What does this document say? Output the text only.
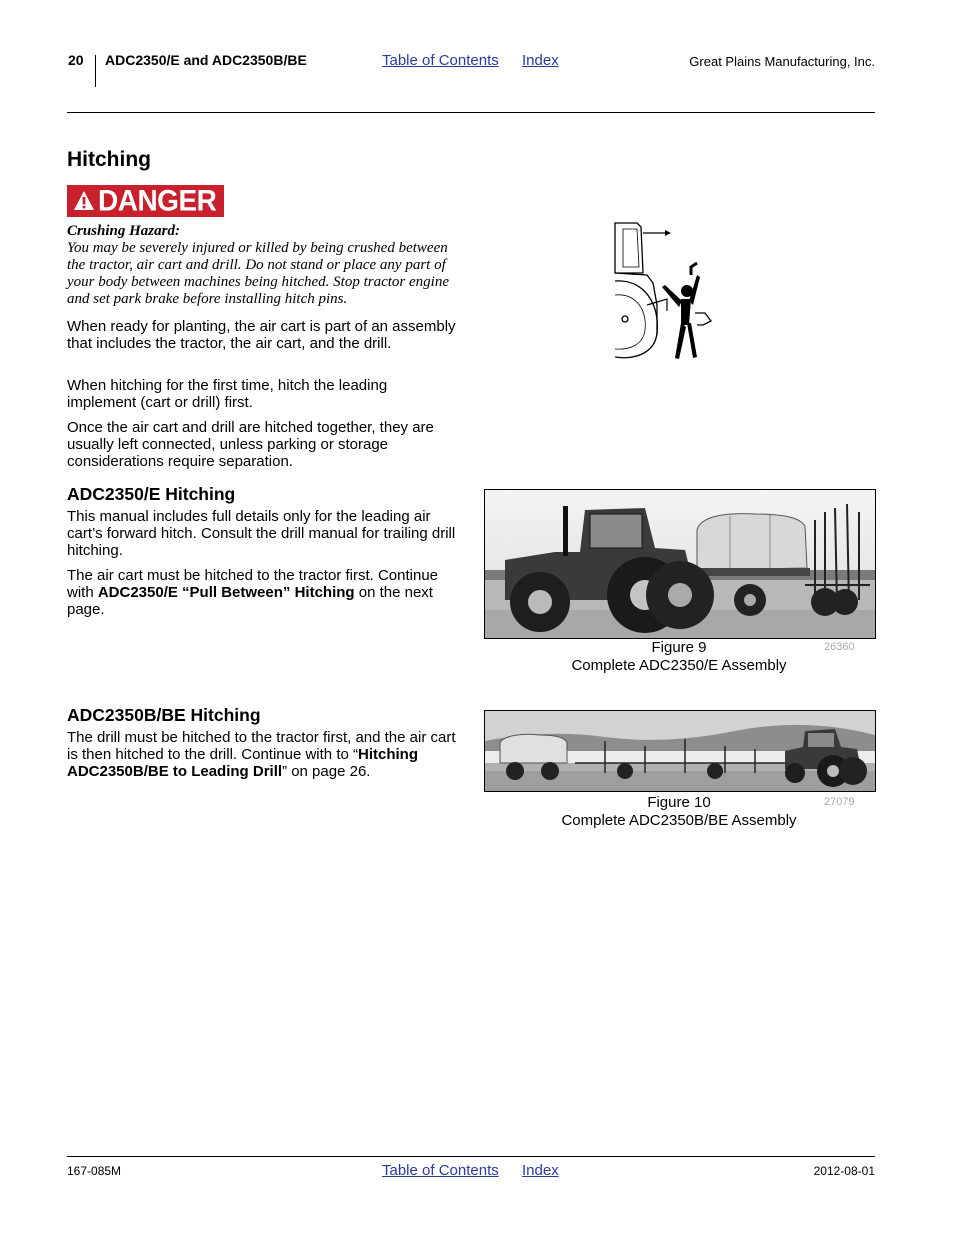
20 ADC2350/E and ADC2350B/BE	Table of Contents Index	Great Plains Manufacturing, Inc.
Hitching
DANGER
Crushing Hazard:
You may be severely injured or killed by being crushed between the tractor, air cart and drill. Do not stand or place any part of your body between machines being hitched. Stop tractor engine and set park brake before installing hitch pins.
When ready for planting, the air cart is part of an assembly that includes the tractor, the air cart, and the drill.
When hitching for the first time, hitch the leading implement (cart or drill) first.
Once the air cart and drill are hitched together, they are usually left connected, unless parking or storage considerations require separation.
ADC2350/E Hitching
This manual includes full details only for the leading air cart’s forward hitch. Consult the drill manual for trailing drill hitching.
The air cart must be hitched to the tractor first. Continue with ADC2350/E “Pull Between” Hitching on the next page.
Figure 9
Complete ADC2350/E Assembly
26360
ADC2350B/BE Hitching
The drill must be hitched to the tractor first, and the air cart is then hitched to the drill. Continue with to “Hitching ADC2350B/BE to Leading Drill” on page 26.
Figure 10
Complete ADC2350B/BE Assembly
27079
167-085M	Table of Contents Index	2012-08-01
